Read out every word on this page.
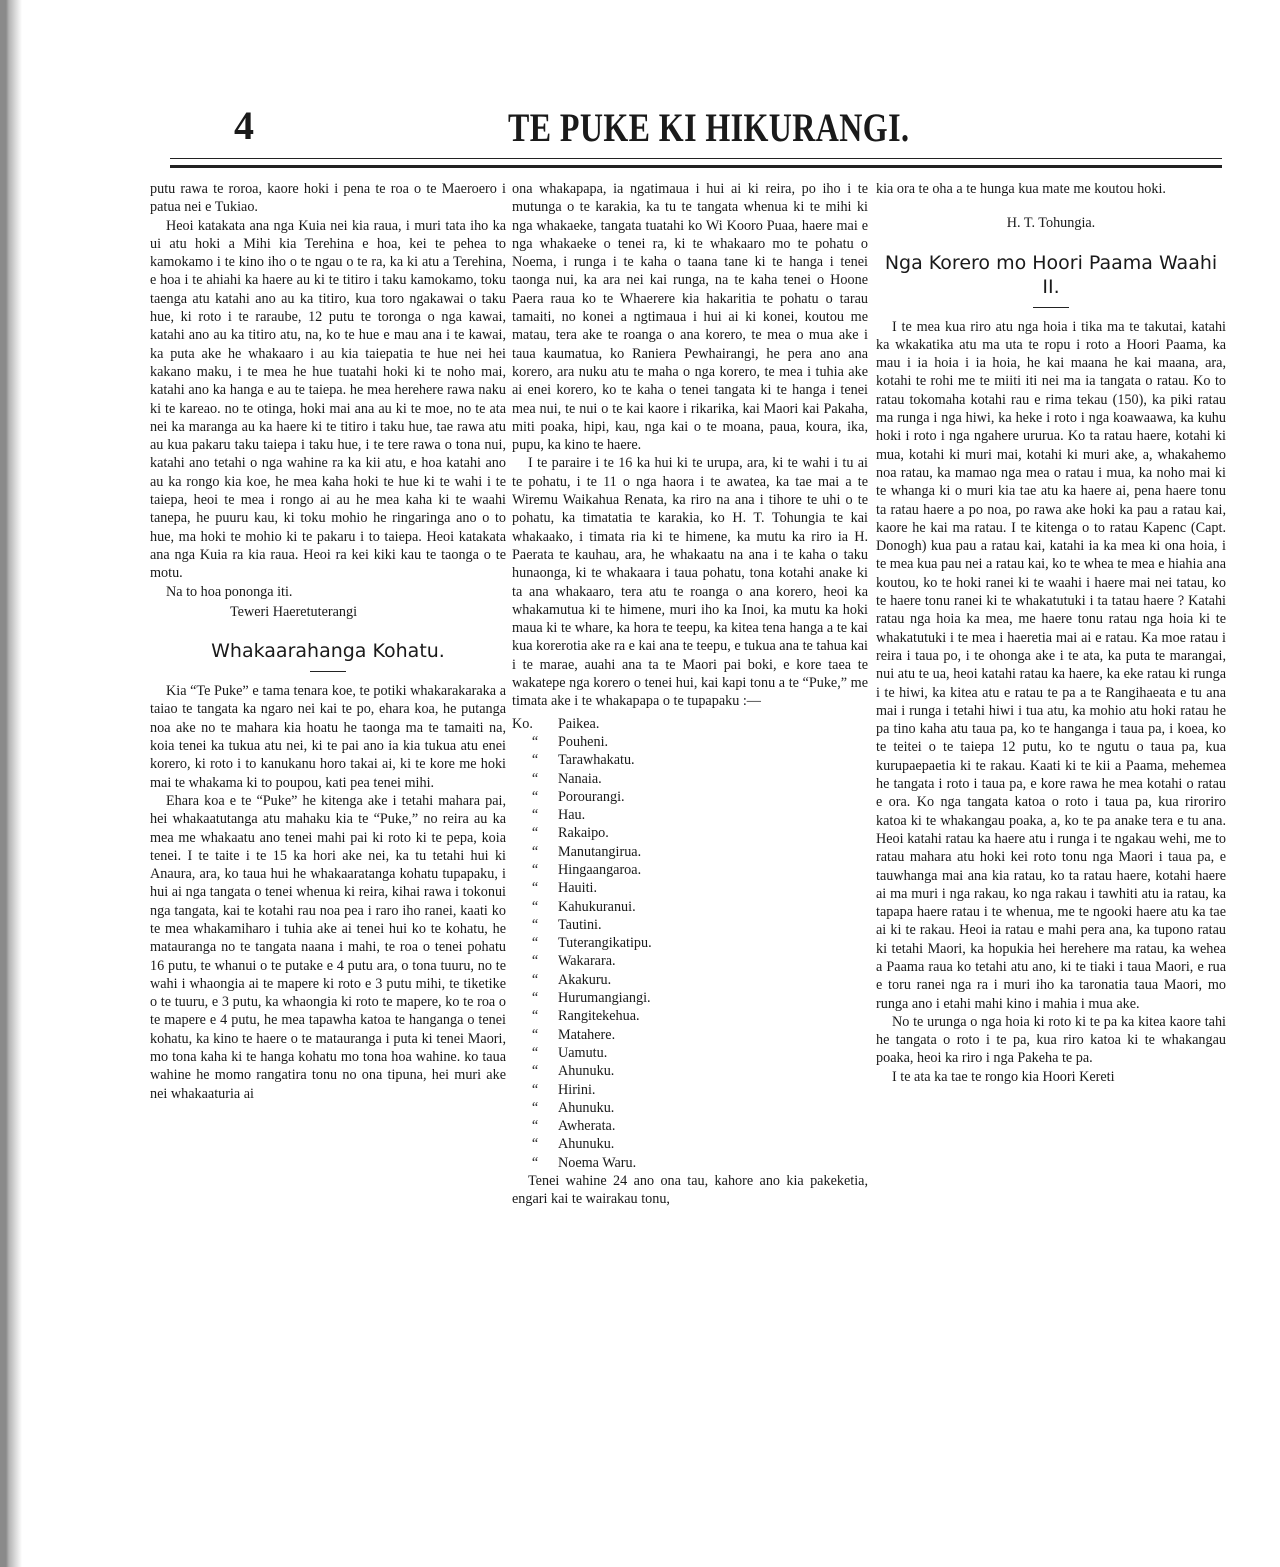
4	TE PUKE KI HIKURANGI.

putu rawa te roroa, kaore hoki i pena te roa o te Maeroero i patua nei e Tukiao.

Heoi katakata ana nga Kuia nei kia raua, i muri tata iho ka ui atu hoki a Mihi kia Terehina e hoa, kei te pehea to kamokamo i te kino iho o te ngau o te ra, ka ki atu a Terehina, e hoa i te ahiahi ka haere au ki te titiro i taku kamokamo, toku taenga atu katahi ano au ka titiro, kua toro ngakawai o taku hue, ki roto i te raraube, 12 putu te toronga o nga kawai, katahi ano au ka titiro atu, na, ko te hue e mau ana i te kawai, ka puta ake he whakaaro i au kia taiepatia te hue nei hei kakano maku, i te mea he hue tuatahi hoki ki te noho mai, katahi ano ka hanga e au te taiepa. he mea herehere rawa naku ki te kareao. no te otinga, hoki mai ana au ki te moe, no te ata nei ka maranga au ka haere ki te titiro i taku hue, tae rawa atu au kua pakaru taku taiepa i taku hue, i te tere rawa o tona nui, katahi ano tetahi o nga wahine ra ka kii atu, e hoa katahi ano au ka rongo kia koe, he mea kaha hoki te hue ki te wahi i te taiepa, heoi te mea i rongo ai au he mea kaha ki te waahi tanepa, he puuru kau, ki toku mohio he ringaringa ano o to hue, ma hoki te mohio ki te pakaru i to taiepa. Heoi katakata ana nga Kuia ra kia raua. Heoi ra kei kiki kau te taonga o te motu.

Na to hoa pononga iti.

Teweri Haeretuterangi

Whakaarahanga Kohatu.

Kia “Te Puke” e tama tenara koe, te potiki whakarakaraka a taiao te tangata ka ngaro nei kai te po, ehara koa, he putanga noa ake no te mahara kia hoatu he taonga ma te tamaiti na, koia tenei ka tukua atu nei, ki te pai ano ia kia tukua atu enei korero, ki roto i to kanukanu horo takai ai, ki te kore me hoki mai te whakama ki to poupou, kati pea tenei mihi.

Ehara koa e te “Puke” he kitenga ake i tetahi mahara pai, hei whakaatutanga atu mahaku kia te “Puke,” no reira au ka mea me whakaatu ano tenei mahi pai ki roto ki te pepa, koia tenei. I te taite i te 15 ka hori ake nei, ka tu tetahi hui ki Anaura, ara, ko taua hui he whakaaratanga kohatu tupapaku, i hui ai nga tangata o tenei whenua ki reira, kihai rawa i tokonui nga tangata, kai te kotahi rau noa pea i raro iho ranei, kaati ko te mea whakamiharo i tuhia ake ai tenei hui ko te kohatu, he matauranga no te tangata naana i mahi, te roa o tenei pohatu 16 putu, te whanui o te putake e 4 putu ara, o tona tuuru, no te wahi i whaongia ai te mapere ki roto e 3 putu mihi, te tiketike o te tuuru, e 3 putu, ka whaongia ki roto te mapere, ko te roa o te mapere e 4 putu, he mea tapawha katoa te hanganga o tenei kohatu, ka kino te haere o te matauranga i puta ki tenei Maori, mo tona kaha ki te hanga kohatu mo tona hoa wahine. ko taua wahine he momo rangatira tonu no ona tipuna, hei muri ake nei whakaaturia ai

ona whakapapa, ia ngatimaua i hui ai ki reira, po iho i te mutunga o te karakia, ka tu te tangata whenua ki te mihi ki nga whakaeke, tangata tuatahi ko Wi Kooro Puaa, haere mai e nga whakaeke o tenei ra, ki te whakaaro mo te pohatu o Noema, i runga i te kaha o taana tane ki te hanga i tenei taonga nui, ka ara nei kai runga, na te kaha tenei o Hoone Paera raua ko te Whaerere kia hakaritia te pohatu o tarau tamaiti, no konei a ngtimaua i hui ai ki konei, koutou me matau, tera ake te roanga o ana korero, te mea o mua ake i taua kaumatua, ko Raniera Pewhairangi, he pera ano ana korero, ara nuku atu te maha o nga korero, te mea i tuhia ake ai enei korero, ko te kaha o tenei tangata ki te hanga i tenei mea nui, te nui o te kai kaore i rikarika, kai Maori kai Pakaha, miti poaka, hipi, kau, nga kai o te moana, paua, koura, ika, pupu, ka kino te haere.

I te paraire i te 16 ka hui ki te urupa, ara, ki te wahi i tu ai te pohatu, i te 11 o nga haora i te awatea, ka tae mai a te Wiremu Waikahua Renata, ka riro na ana i tihore te uhi o te pohatu, ka timatatia te karakia, ko H. T. Tohungia te kai whakaako, i timata ria ki te himene, ka mutu ka riro ia H. Paerata te kauhau, ara, he whakaatu na ana i te kaha o taku hunaonga, ki te whakaara i taua pohatu, tona kotahi anake ki ta ana whakaaro, tera atu te roanga o ana korero, heoi ka whakamutua ki te himene, muri iho ka Inoi, ka mutu ka hoki maua ki te whare, ka hora te teepu, ka kitea tena hanga a te kai kua korerotia ake ra e kai ana te teepu, e tukua ana te tahua kai i te marae, auahi ana ta te Maori pai boki, e kore taea te wakatepe nga korero o tenei hui, kai kapi tonu a te “Puke,” me timata ake i te whakapapa o te tupapaku :—

Ko.	Paikea.
“	Pouheni.
“	Tarawhakatu.
“	Nanaia.
“	Porourangi.
“	Hau.
“	Rakaipo.
“	Manutangirua.
“	Hingaangaroa.
“	Hauiti.
“	Kahukuranui.
“	Tautini.
“	Tuterangikatipu.
“	Wakarara.
“	Akakuru.
“	Hurumangiangi.
“	Rangitekehua.
“	Matahere.
“	Uamutu.
“	Ahunuku.
“	Hirini.
“	Ahunuku.
“	Awherata.
“	Ahunuku.
“	Noema Waru.

Tenei wahine 24 ano ona tau, kahore ano kia pakeketia, engari kai te wairakau tonu,

kia ora te oha a te hunga kua mate me koutou hoki.

H. T. Tohungia.

Nga Korero mo Hoori Paama Waahi II.

I te mea kua riro atu nga hoia i tika ma te takutai, katahi ka wkakatika atu ma uta te ropu i roto a Hoori Paama, ka mau i ia hoia i ia hoia, he kai maana he kai maana, ara, kotahi te rohi me te miiti iti nei ma ia tangata o ratau. Ko to ratau tokomaha kotahi rau e rima tekau (150), ka piki ratau ma runga i nga hiwi, ka heke i roto i nga koawaawa, ka kuhu hoki i roto i nga ngahere ururua. Ko ta ratau haere, kotahi ki mua, kotahi ki muri mai, kotahi ki muri ake, a, whakahemo noa ratau, ka mamao nga mea o ratau i mua, ka noho mai ki te whanga ki o muri kia tae atu ka haere ai, pena haere tonu ta ratau haere a po noa, po rawa ake hoki ka pau a ratau kai, kaore he kai ma ratau. I te kitenga o to ratau Kapenc (Capt. Donogh) kua pau a ratau kai, katahi ia ka mea ki ona hoia, i te mea kua pau nei a ratau kai, ko te whea te mea e hiahia ana koutou, ko te hoki ranei ki te waahi i haere mai nei tatau, ko te haere tonu ranei ki te whakatutuki i ta tatau haere ? Katahi ratau nga hoia ka mea, me haere tonu ratau nga hoia ki te whakatutuki i te mea i haeretia mai ai e ratau. Ka moe ratau i reira i taua po, i te ohonga ake i te ata, ka puta te marangai, nui atu te ua, heoi katahi ratau ka haere, ka eke ratau ki runga i te hiwi, ka kitea atu e ratau te pa a te Rangihaeata e tu ana mai i runga i tetahi hiwi i tua atu, ka mohio atu hoki ratau he pa tino kaha atu taua pa, ko te hanganga i taua pa, i koea, ko te teitei o te taiepa 12 putu, ko te ngutu o taua pa, kua kurupaepaetia ki te rakau. Kaati ki te kii a Paama, mehemea he tangata i roto i taua pa, e kore rawa he mea kotahi o ratau e ora. Ko nga tangata katoa o roto i taua pa, kua riroriro katoa ki te whakangau poaka, a, ko te pa anake tera e tu ana. Heoi katahi ratau ka haere atu i runga i te ngakau wehi, me to ratau mahara atu hoki kei roto tonu nga Maori i taua pa, e tauwhanga mai ana kia ratau, ko ta ratau haere, kotahi haere ai ma muri i nga rakau, ko nga rakau i tawhiti atu ia ratau, ka tapapa haere ratau i te whenua, me te ngooki haere atu ka tae ai ki te rakau. Heoi ia ratau e mahi pera ana, ka tupono ratau ki tetahi Maori, ka hopukia hei herehere ma ratau, ka wehea a Paama raua ko tetahi atu ano, ki te tiaki i taua Maori, e rua e toru ranei nga ra i muri iho ka taronatia taua Maori, mo runga ano i etahi mahi kino i mahia i mua ake.

No te urunga o nga hoia ki roto ki te pa ka kitea kaore tahi he tangata o roto i te pa, kua riro katoa ki te whakangau poaka, heoi ka riro i nga Pakeha te pa.

I te ata ka tae te rongo kia Hoori Kereti
